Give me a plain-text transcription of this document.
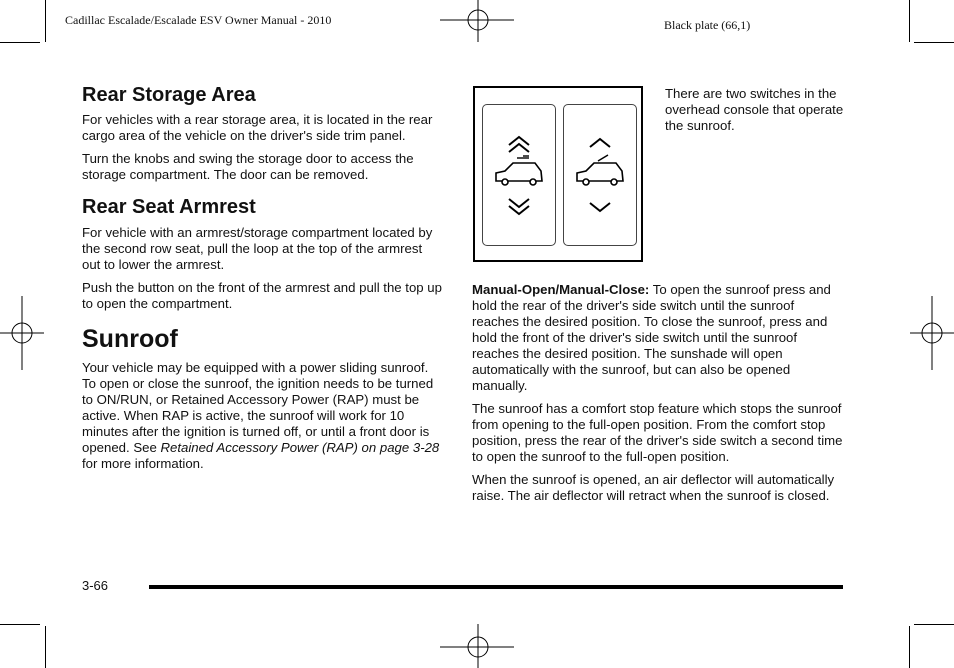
Cadillac Escalade/Escalade ESV Owner Manual - 2010	Black plate (66,1)
Rear Storage Area

For vehicles with a rear storage area, it is located in the rear cargo area of the vehicle on the driver's side trim panel.

Turn the knobs and swing the storage door to access the storage compartment. The door can be removed.

Rear Seat Armrest

For vehicle with an armrest/storage compartment located by the second row seat, pull the loop at the top of the armrest out to lower the armrest.

Push the button on the front of the armrest and pull the top up to open the compartment.

Sunroof

Your vehicle may be equipped with a power sliding sunroof. To open or close the sunroof, the ignition needs to be turned to ON/RUN, or Retained Accessory Power (RAP) must be active. When RAP is active, the sunroof will work for 10 minutes after the ignition is turned off, or until a front door is opened. See Retained Accessory Power (RAP) on page 3‑28 for more information.

There are two switches in the overhead console that operate the sunroof.

Manual-Open/Manual-Close: To open the sunroof press and hold the rear of the driver's side switch until the sunroof reaches the desired position. To close the sunroof, press and hold the front of the driver's side switch until the sunroof reaches the desired position. The sunshade will open automatically with the sunroof, but can also be opened manually.

The sunroof has a comfort stop feature which stops the sunroof from opening to the full-open position. From the comfort stop position, press the rear of the driver's side switch a second time to open the sunroof to the full-open position.

When the sunroof is opened, an air deflector will automatically raise. The air deflector will retract when the sunroof is closed.

3-66
